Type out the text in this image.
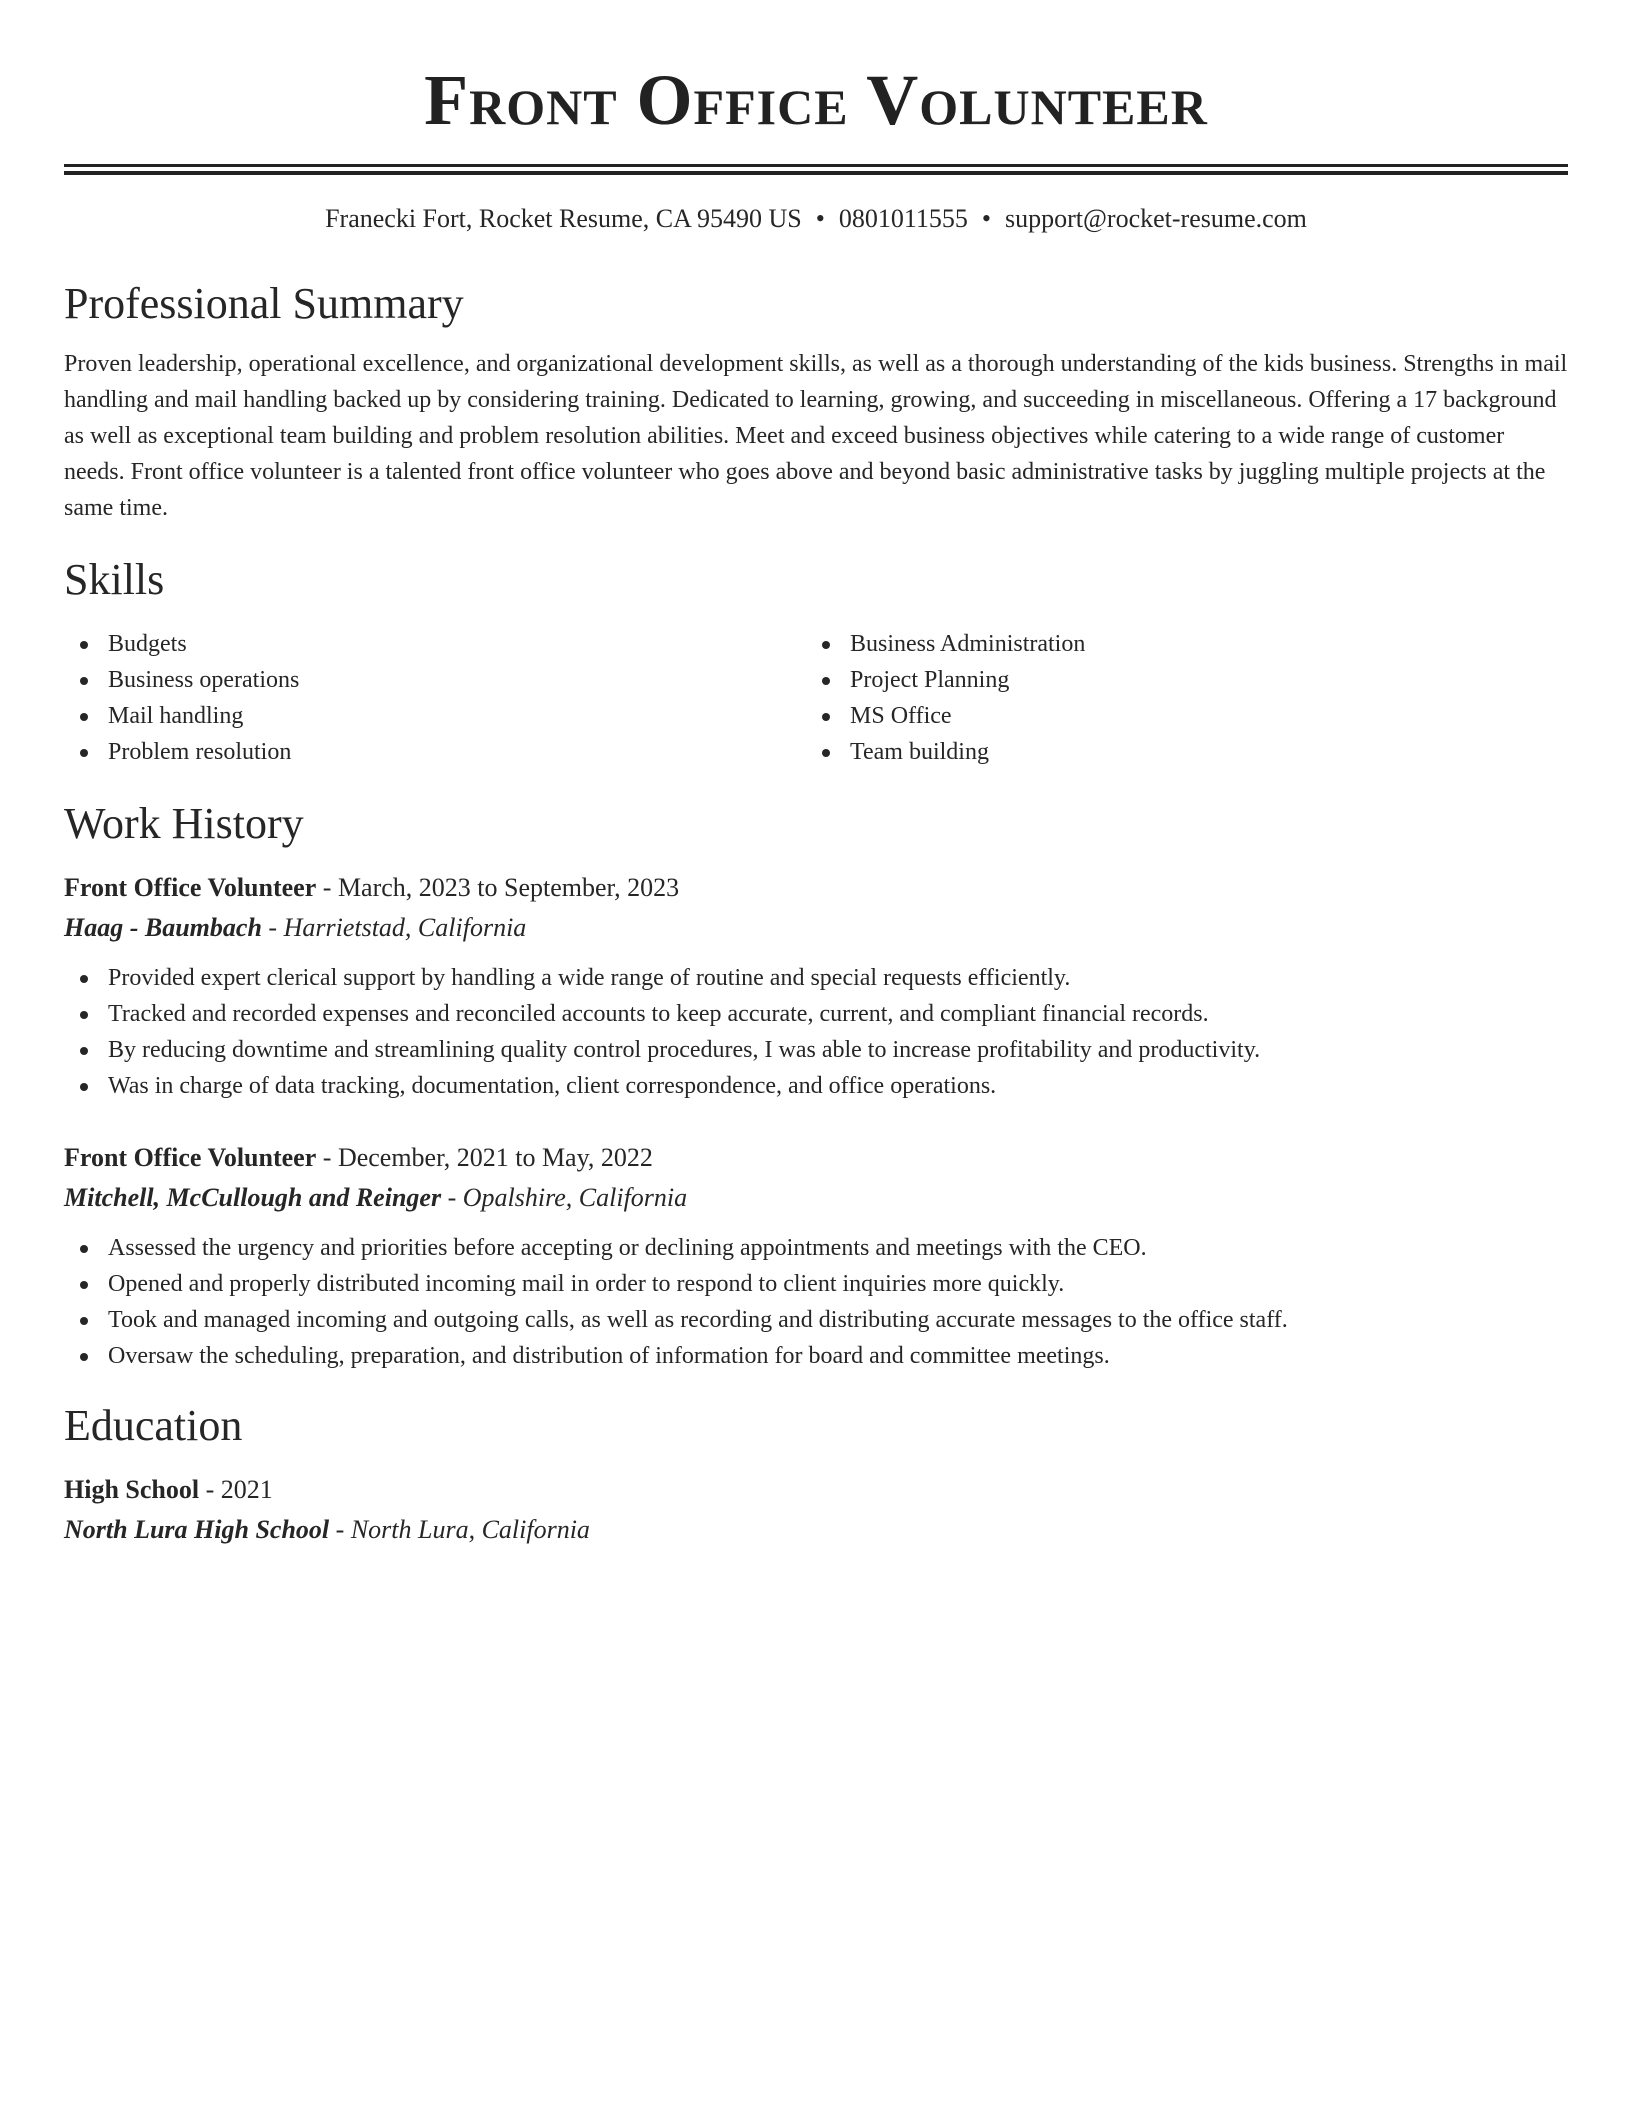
Front Office Volunteer
Franecki Fort, Rocket Resume, CA 95490 US • 0801011555 • support@rocket-resume.com
Professional Summary
Proven leadership, operational excellence, and organizational development skills, as well as a thorough understanding of the kids business. Strengths in mail handling and mail handling backed up by considering training. Dedicated to learning, growing, and succeeding in miscellaneous. Offering a 17 background as well as exceptional team building and problem resolution abilities. Meet and exceed business objectives while catering to a wide range of customer needs. Front office volunteer is a talented front office volunteer who goes above and beyond basic administrative tasks by juggling multiple projects at the same time.
Skills
Budgets
Business operations
Mail handling
Problem resolution
Business Administration
Project Planning
MS Office
Team building
Work History
Front Office Volunteer - March, 2023 to September, 2023
Haag - Baumbach - Harrietstad, California
Provided expert clerical support by handling a wide range of routine and special requests efficiently.
Tracked and recorded expenses and reconciled accounts to keep accurate, current, and compliant financial records.
By reducing downtime and streamlining quality control procedures, I was able to increase profitability and productivity.
Was in charge of data tracking, documentation, client correspondence, and office operations.
Front Office Volunteer - December, 2021 to May, 2022
Mitchell, McCullough and Reinger - Opalshire, California
Assessed the urgency and priorities before accepting or declining appointments and meetings with the CEO.
Opened and properly distributed incoming mail in order to respond to client inquiries more quickly.
Took and managed incoming and outgoing calls, as well as recording and distributing accurate messages to the office staff.
Oversaw the scheduling, preparation, and distribution of information for board and committee meetings.
Education
High School - 2021
North Lura High School - North Lura, California
